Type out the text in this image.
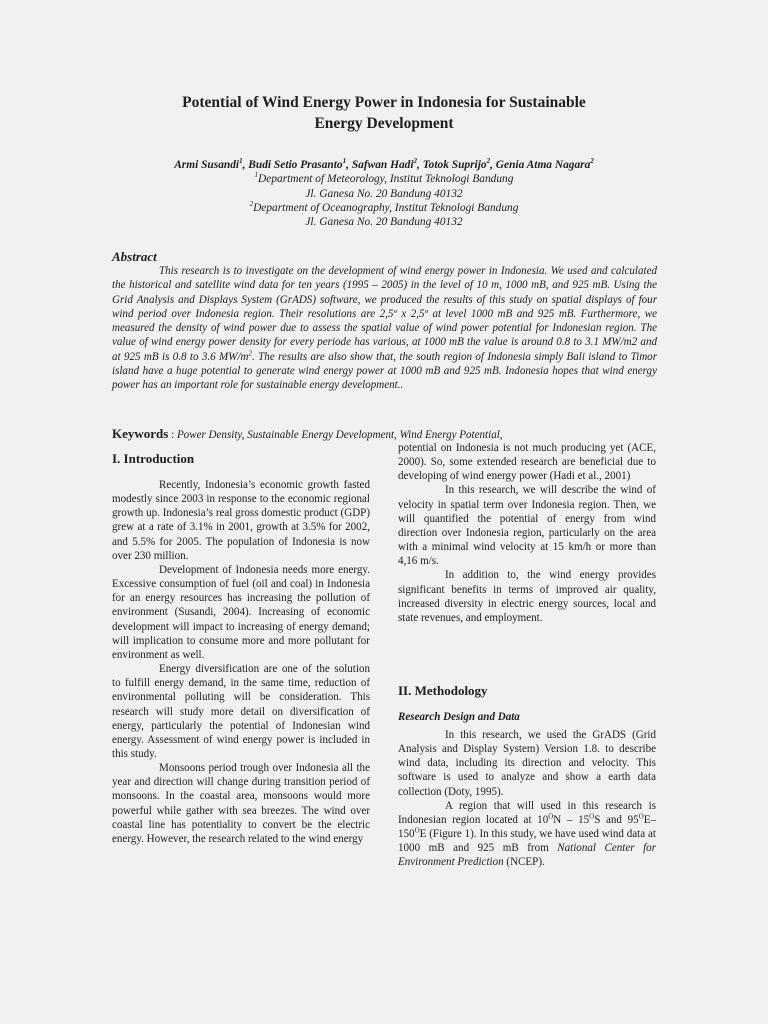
Potential of Wind Energy Power in Indonesia for Sustainable
Energy Development
Armi Susandi$^1$, Budi Setio Prasanto$^1$, Safwan Hadi$^2$, Totok Suprijo$^2$, Genia Atma Nagara$^2$
$^1$Department of Meteorology, Institut Teknologi Bandung
Jl. Ganesa No. 20 Bandung 40132
$^2$Department of Oceanography, Institut Teknologi Bandung
Jl. Ganesa No. 20 Bandung 40132
Abstract

This research is to investigate on the development of wind energy power in Indonesia. We used and calculated the historical and satellite wind data for ten years (1995 – 2005) in the level of 10 m, 1000 mB, and 925 mB. Using the Grid Analysis and Displays System (GrADS) software, we produced the results of this study on spatial displays of four wind period over Indonesia region. Their resolutions are 2,5º x 2,5º at level 1000 mB and 925 mB. Furthermore, we measured the density of wind power due to assess the spatial value of wind power potential for Indonesian region. The value of wind energy power density for every periode has various, at 1000 mB the value is around 0.8 to 3.1 MW/m2 and at 925 mB is 0.8 to 3.6 $MW/m^2$. The results are also show that, the south region of Indonesia simply Bali island to Timor island have a huge potential to generate wind energy power at 1000 mB and 925 mB. Indonesia hopes that wind energy power has an important role for sustainable energy development..

Keywords : Power Density, Sustainable Energy Development, Wind Energy Potential,
I. Introduction

Recently, Indonesia’s economic growth fasted modestly since 2003 in response to the economic regional growth up. Indonesia’s real gross domestic product (GDP) grew at a rate of 3.1% in 2001, growth at 3.5% for 2002, and 5.5% for 2005. The population of Indonesia is now over 230 million.

Development of Indonesia needs more energy. Excessive consumption of fuel (oil and coal) in Indonesia for an energy resources has increasing the pollution of environment (Susandi, 2004). Increasing of economic development will impact to increasing of energy demand; will implication to consume more and more pollutant for environment as well.

Energy diversification are one of the solution to fulfill energy demand, in the same time, reduction of environmental polluting will be consideration. This research will study more detail on diversification of energy, particularly the potential of Indonesian wind energy. Assessment of wind energy power is included in this study.

Monsoons period trough over Indonesia all the year and direction will change during transition period of monsoons. In the coastal area, monsoons would more powerful while gather with sea breezes. The wind over coastal line has potentiality to convert be the electric energy. However, the research related to the wind energy

potential on Indonesia is not much producing yet (ACE, 2000). So, some extended research are beneficial due to developing of wind energy power (Hadi et al., 2001)

In this research, we will describe the wind of velocity in spatial term over Indonesia region. Then, we will quantified the potential of energy from wind direction over Indonesia region, particularly on the area with a minimal wind velocity at 15 km/h or more than 4,16 m/s.

In addition to, the wind energy provides significant benefits in terms of improved air quality, increased diversity in electric energy sources, local and state revenues, and employment.

II. Methodology
Research Design and Data

In this research, we used the GrADS (Grid Analysis and Display System) Version 1.8. to describe wind data, including its direction and velocity. This software is used to analyze and show a earth data collection (Doty, 1995).

A region that will used in this research is Indonesian region located at $10^ON - 15^OS$ and $95^OE-$ $150^OE$ (Figure 1). In this study, we have used wind data at 1000 mB and 925 mB from National Center for Environment Prediction (NCEP).
